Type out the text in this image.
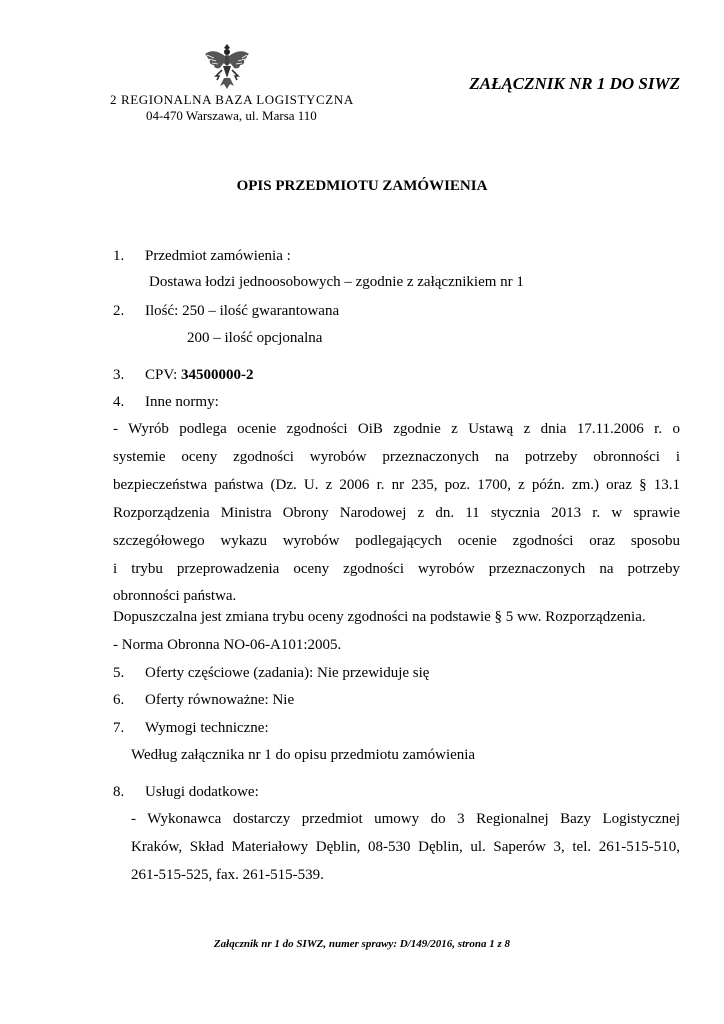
2 REGIONALNA BAZA LOGISTYCZNA
04-470 Warszawa, ul. Marsa 110
ZAŁĄCZNIK NR 1 DO SIWZ
OPIS PRZEDMIOTU ZAMÓWIENIA
1. Przedmiot zamówienia :
Dostawa łodzi jednoosobowych – zgodnie z załącznikiem nr 1
2. Ilość: 250 – ilość gwarantowana
200 – ilość opcjonalna
3. CPV: 34500000-2
4. Inne normy:
- Wyrób podlega ocenie zgodności OiB zgodnie z Ustawą z dnia 17.11.2006 r. o
systemie oceny zgodności wyrobów przeznaczonych na potrzeby obronności i
bezpieczeństwa państwa (Dz. U. z 2006 r. nr 235, poz. 1700, z późn. zm.) oraz § 13.1
Rozporządzenia Ministra Obrony Narodowej z dn. 11 stycznia 2013 r. w sprawie
szczegółowego wykazu wyrobów podlegających ocenie zgodności oraz sposobu
i trybu przeprowadzenia oceny zgodności wyrobów przeznaczonych na potrzeby
obronności państwa.
Dopuszczalna jest zmiana trybu oceny zgodności na podstawie § 5 ww. Rozporządzenia.
- Norma Obronna NO-06-A101:2005.
5. Oferty częściowe (zadania): Nie przewiduje się
6. Oferty równoważne: Nie
7. Wymogi techniczne:
Według załącznika nr 1 do opisu przedmiotu zamówienia
8. Usługi dodatkowe:
- Wykonawca dostarczy przedmiot umowy do 3 Regionalnej Bazy Logistycznej
Kraków, Skład Materiałowy Dęblin, 08-530 Dęblin, ul. Saperów 3, tel. 261-515-510,
261-515-525, fax. 261-515-539.
Załącznik nr 1 do SIWZ, numer sprawy: D/149/2016, strona 1 z 8
